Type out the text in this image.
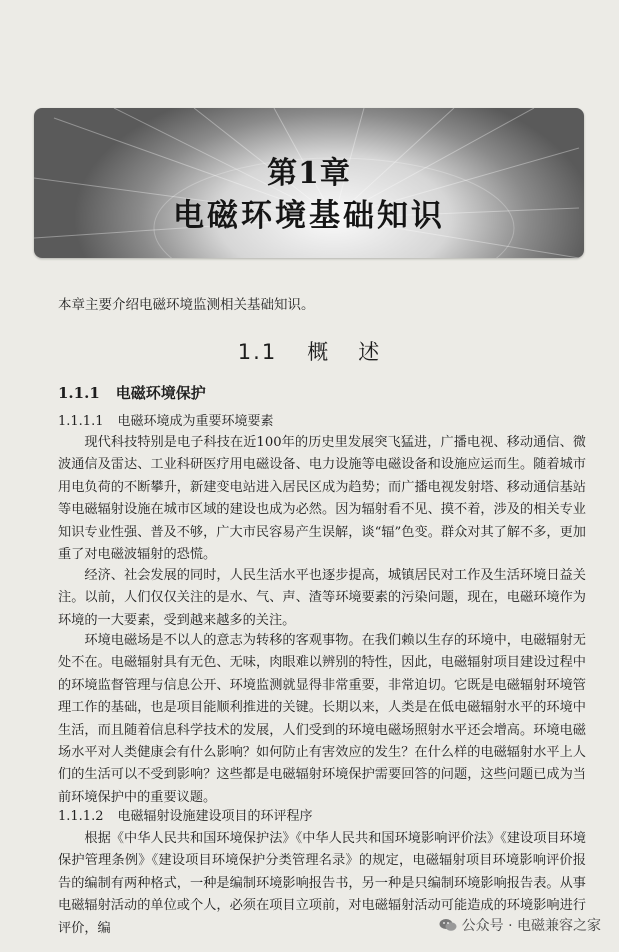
第1章
电磁环境基础知识
本章主要介绍电磁环境监测相关基础知识。
1.1 概 述
1.1.1 电磁环境保护
1.1.1.1 电磁环境成为重要环境要素
现代科技特别是电子科技在近100年的历史里发展突飞猛进，广播电视、移动通信、微波通信及雷达、工业科研医疗用电磁设备、电力设施等电磁设备和设施应运而生。随着城市用电负荷的不断攀升，新建变电站进入居民区成为趋势；而广播电视发射塔、移动通信基站等电磁辐射设施在城市区域的建设也成为必然。因为辐射看不见、摸不着，涉及的相关专业知识专业性强、普及不够，广大市民容易产生误解，谈“辐”色变。群众对其了解不多，更加重了对电磁波辐射的恐慌。
经济、社会发展的同时，人民生活水平也逐步提高，城镇居民对工作及生活环境日益关注。以前，人们仅仅关注的是水、气、声、渣等环境要素的污染问题，现在，电磁环境作为环境的一大要素，受到越来越多的关注。
环境电磁场是不以人的意志为转移的客观事物。在我们赖以生存的环境中，电磁辐射无处不在。电磁辐射具有无色、无味，肉眼难以辨别的特性，因此，电磁辐射项目建设过程中的环境监督管理与信息公开、环境监测就显得非常重要，非常迫切。它既是电磁辐射环境管理工作的基础，也是项目能顺利推进的关键。长期以来，人类是在低电磁辐射水平的环境中生活，而且随着信息科学技术的发展，人们受到的环境电磁场照射水平还会增高。环境电磁场水平对人类健康会有什么影响？如何防止有害效应的发生？在什么样的电磁辐射水平上人们的生活可以不受到影响？这些都是电磁辐射环境保护需要回答的问题，这些问题已成为当前环境保护中的重要议题。
1.1.1.2 电磁辐射设施建设项目的环评程序
根据《中华人民共和国环境保护法》《中华人民共和国环境影响评价法》《建设项目环境保护管理条例》《建设项目环境保护分类管理名录》的规定，电磁辐射项目环境影响评价报告的编制有两种格式，一种是编制环境影响报告书，另一种是只编制环境影响报告表。从事电磁辐射活动的单位或个人，必须在项目立项前，对电磁辐射活动可能造成的环境影响进行评价，编	公众号 · 电磁兼容之家
